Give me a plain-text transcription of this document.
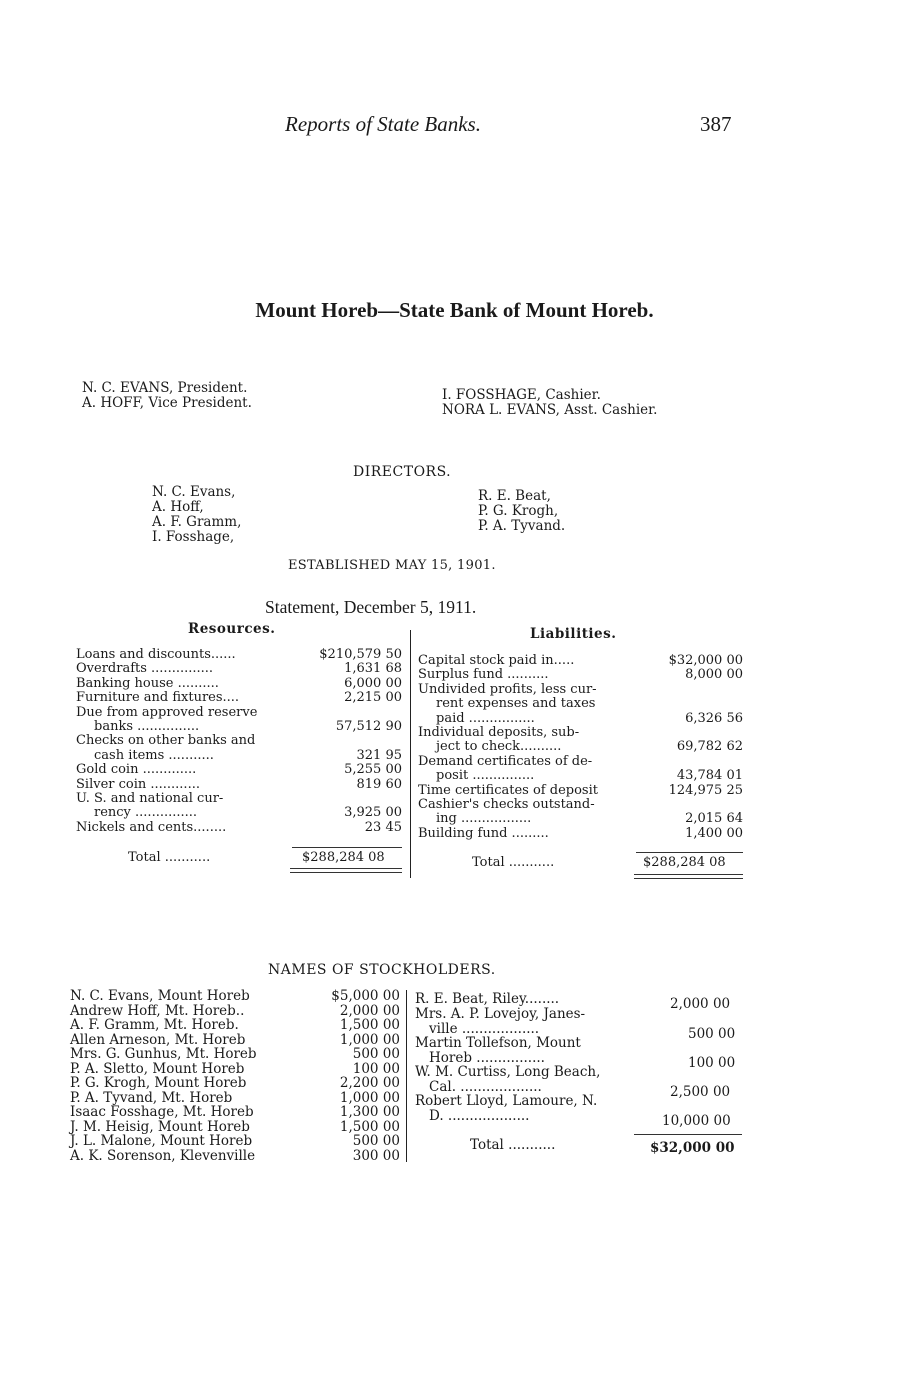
Reports of State Banks.	387
Mount Horeb—State Bank of Mount Horeb.
N. C. EVANS, President.
A. HOFF, Vice President.	I. FOSSHAGE, Cashier.
NORA L. EVANS, Asst. Cashier.
DIRECTORS.
N. C. Evans,
A. Hoff,
A. F. Gramm,
I. Fosshage,
R. E. Beat,
P. G. Krogh,
P. A. Tyvand.
ESTABLISHED MAY 15, 1901.
Statement, December 5, 1911.
Resources.	Liabilities.
Loans and discounts......	$210,579 50
Overdrafts ...............	1,631 68
Banking house ..........	6,000 00
Furniture and fixtures....	2,215 00
Due from approved reserve
banks ...............	57,512 90
Checks on other banks and
cash items ...........	321 95
Gold coin .............	5,255 00
Silver coin ............	819 60
U. S. and national cur-
rency ...............	3,925 00
Nickels and cents........	23 45
Total ...........	$288,284 08
Capital stock paid in.....	$32,000 00
Surplus fund ..........	8,000 00
Undivided profits, less cur-
rent expenses and taxes
paid ................	6,326 56
Individual deposits, sub-
ject to check..........	69,782 62
Demand certificates of de-
posit ...............	43,784 01
Time certificates of deposit	124,975 25
Cashier's checks outstand-
ing .................	2,015 64
Building fund .........	1,400 00
Total ...........	$288,284 08
NAMES OF STOCKHOLDERS.
N. C. Evans, Mount Horeb	$5,000 00
Andrew Hoff, Mt. Horeb..	2,000 00
A. F. Gramm, Mt. Horeb.	1,500 00
Allen Arneson, Mt. Horeb	1,000 00
Mrs. G. Gunhus, Mt. Horeb	500 00
P. A. Sletto, Mount Horeb	100 00
P. G. Krogh, Mount Horeb	2,200 00
P. A. Tyvand, Mt. Horeb	1,000 00
Isaac Fosshage, Mt. Horeb	1,300 00
J. M. Heisig, Mount Horeb	1,500 00
J. L. Malone, Mount Horeb	500 00
A. K. Sorenson, Klevenville	300 00
R. E. Beat, Riley........	2,000 00
Mrs. A. P. Lovejoy, Janes-
ville ..................	500 00
Martin Tollefson, Mount
Horeb ................	100 00
W. M. Curtiss, Long Beach,
Cal. ...................	2,500 00
Robert Lloyd, Lamoure, N.
D. ...................	10,000 00
Total ...........	$32,000 00
